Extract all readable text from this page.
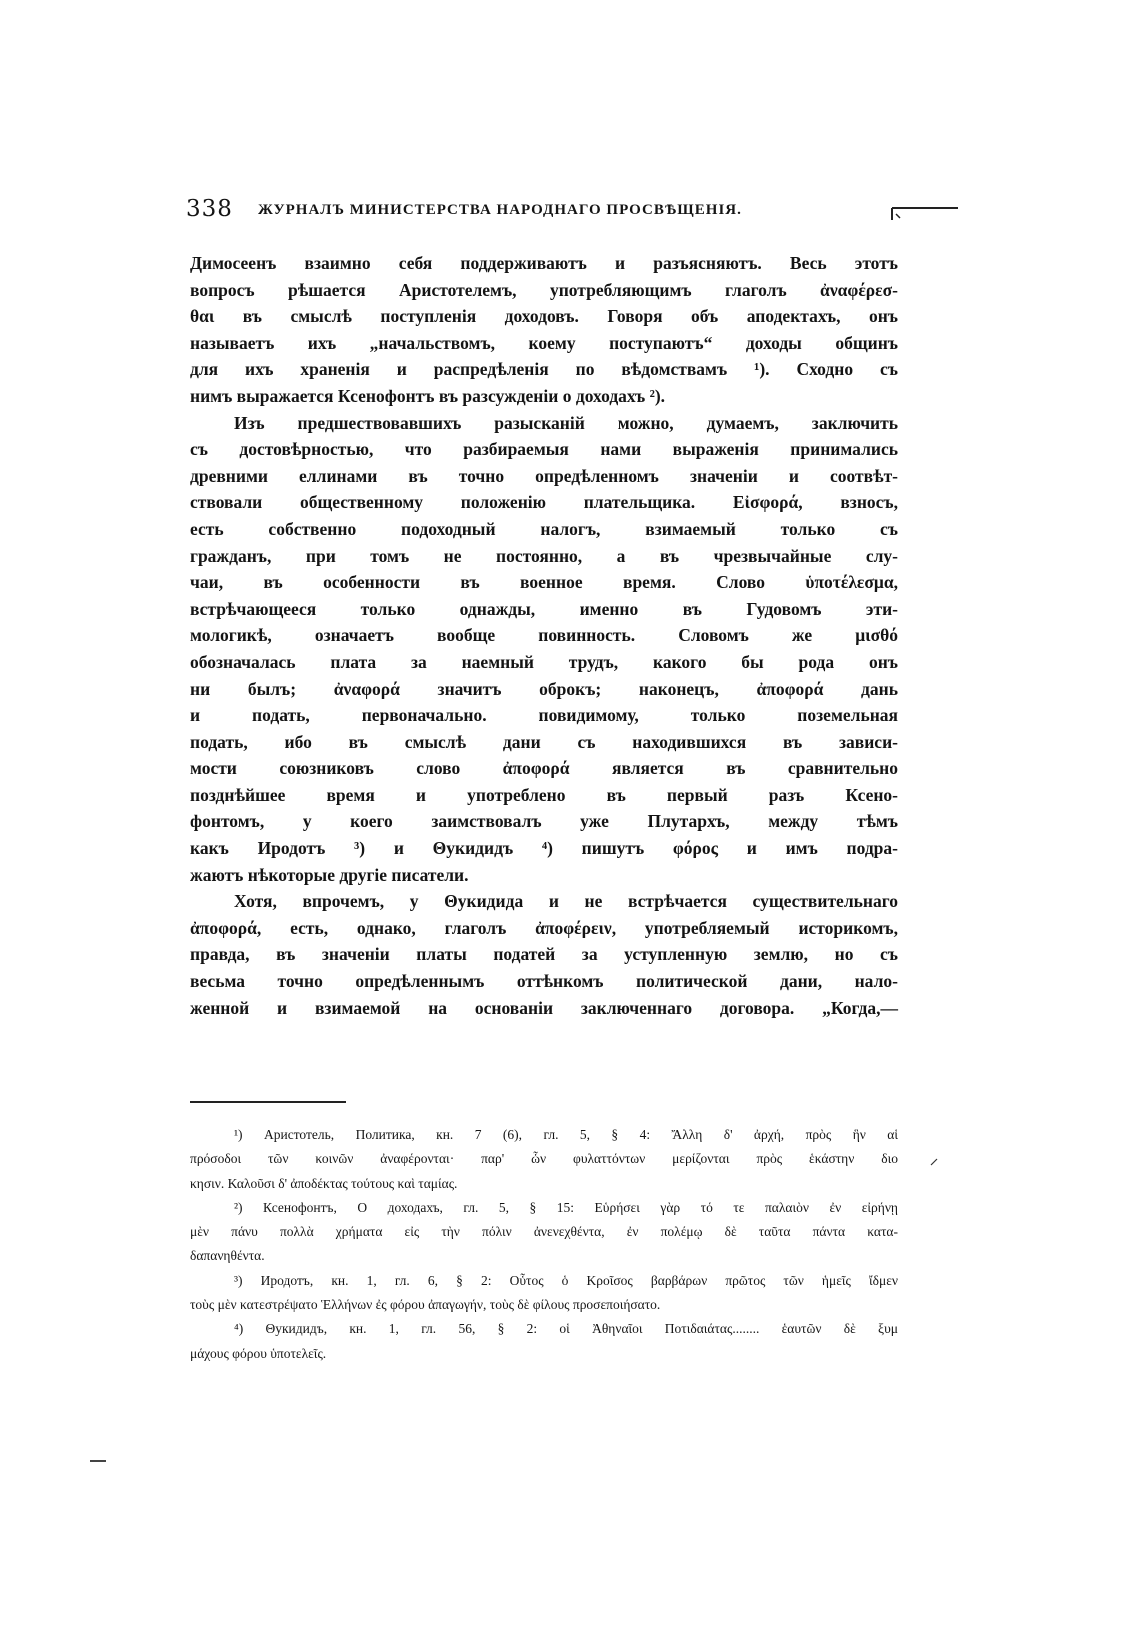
338 ЖУРНАЛЪ МИНИСТЕРСТВА НАРОДНАГО ПРОСВѢЩЕНІЯ.
Димосеенъ взаимно себя поддерживаютъ и разъясняютъ. Весь этотъ
вопросъ рѣшается Аристотелемъ, употребляющимъ глаголъ ἀναφέρεσ-
θαι въ смыслѣ поступленія доходовъ. Говоря объ аподектахъ, онъ
называетъ ихъ „начальствомъ, коему поступаютъ“ доходы общинъ
для ихъ храненія и распредѣленія по вѣдомствамъ ¹). Сходно съ
нимъ выражается Ксенофонтъ въ разсужденіи о доходахъ ²).
Изъ предшествовавшихъ разысканій можно, думаемъ, заключить
съ достовѣрностью, что разбираемыя нами выраженія принимались
древними еллинами въ точно опредѣленномъ значеніи и соотвѣт-
ствовали общественному положенію плательщика. Εἰσφορά, взносъ,
есть собственно подоходный налогъ, взимаемый только съ
гражданъ, при томъ не постоянно, а въ чрезвычайные слу-
чаи, въ особенности въ военное время. Слово ὑποτέλεσμα,
встрѣчающееся только однажды, именно въ Гудовомъ эти-
мологикѣ, означаетъ вообще повинность. Словомъ же μισθό
обозначалась плата за наемный трудъ, какого бы рода онъ
ни былъ; ἀναφορά значитъ оброкъ; наконецъ, ἀποφορά дань
и подать, первоначально. повидимому, только поземельная
подать, ибо въ смыслѣ дани съ находившихся въ зависи-
мости союзниковъ слово ἀποφορά является въ сравнительно
позднѣйшее время и употреблено въ первый разъ Ксено-
фонтомъ, у коего заимствовалъ уже Плутархъ, между тѣмъ
какъ Иродотъ ³) и Θукидидъ ⁴) пишутъ φόρος и имъ подра-
жаютъ нѣкоторые другіе писатели.
Хотя, впрочемъ, у Θукидида и не встрѣчается существительнаго
ἀποφορά, есть, однако, глаголъ ἀποφέρειν, употребляемый историкомъ,
правда, въ значеніи платы податей за уступленную землю, но съ
весьма точно опредѣленнымъ оттѣнкомъ политической дани, нало-
женной и взимаемой на основаніи заключеннаго договора. „Когда,—
¹) Аристотель, Политика, кн. 7 (6), гл. 5, § 4: Ἄλλη δ' ἀρχή, πρὸς ἣν αἱ
πρόσοδοι τῶν κοινῶν ἀναφέρονται· παρ' ὧν φυλαττόντων μερίζονται πρὸς ἑκάστην διο
κησιν. Καλοῦσι δ' ἀποδέκτας τούτους καὶ ταμίας.
²) Ксенофонтъ, О доходахъ, гл. 5, § 15: Εὑρήσει γὰρ τό τε παλαιὸν ἐν εἰρήνῃ
μὲν πάνυ πολλὰ χρήματα εἰς τὴν πόλιν ἀνενεχθέντα, ἐν πολέμῳ δὲ ταῦτα πάντα κατα-
δαπανηθέντα.
³) Иродотъ, кн. 1, гл. 6, § 2: Οὗτος ὁ Κροῖσος βαρβάρων πρῶτος τῶν ἡμεῖς ἴδμεν
τοὺς μὲν κατεστρέψατο Ἑλλήνων ἐς φόρου ἀπαγωγήν, τοὺς δὲ φίλους προσεποιήσατο.
⁴) Θукидидъ, кн. 1, гл. 56, § 2: οἱ Ἀθηναῖοι Ποτιδαιάτας........ ἑαυτῶν δὲ ξυμ
μάχους φόρου ὑποτελεῖς.
